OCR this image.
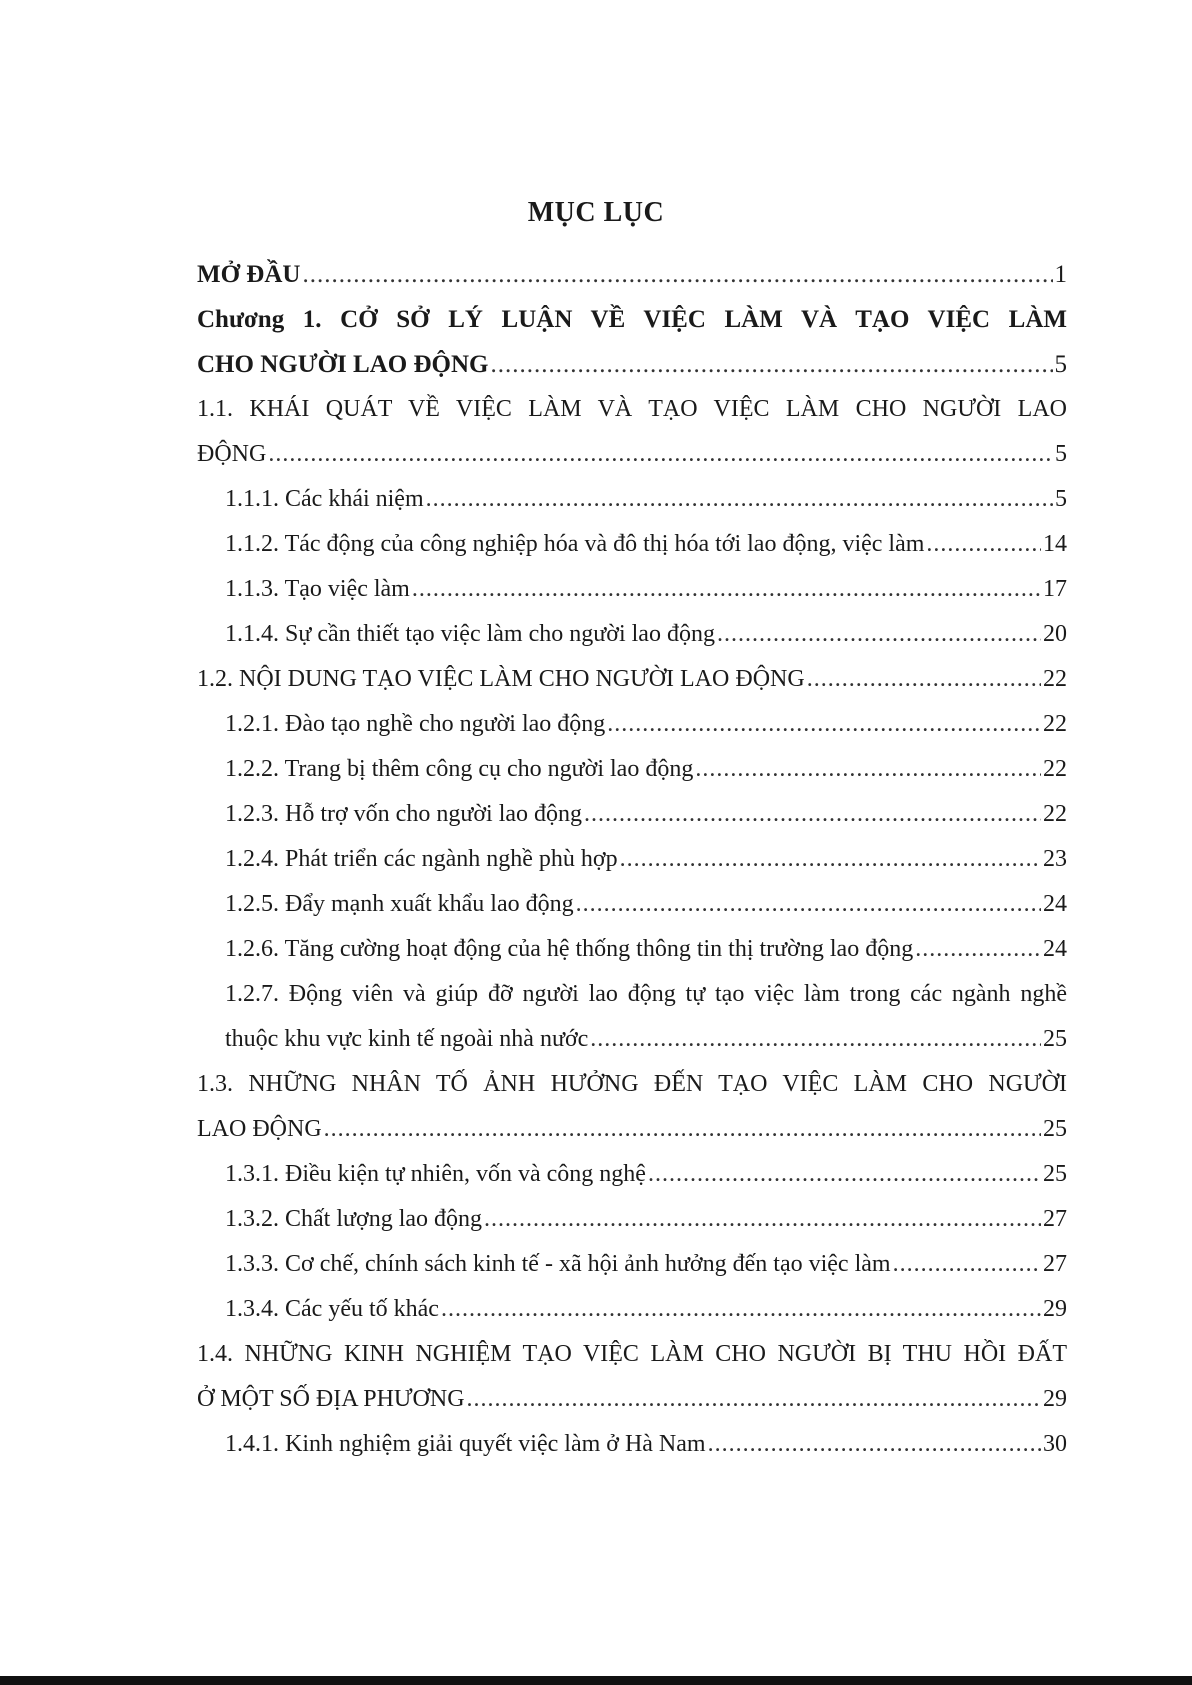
MỤC LỤC
MỞ ĐẦU .....	1
Chương 1. CỞ SỞ LÝ LUẬN VỀ VIỆC LÀM VÀ TẠO VIỆC LÀM
CHO NGƯỜI LAO ĐỘNG .....	5
1.1. KHÁI QUÁT VỀ VIỆC LÀM VÀ TẠO VIỆC LÀM CHO NGƯỜI LAO
ĐỘNG .....	5
1.1.1. Các khái niệm .....	5
1.1.2. Tác động của công nghiệp hóa và đô thị hóa tới lao động, việc làm .....	14
1.1.3. Tạo việc làm .....	17
1.1.4. Sự cần thiết tạo việc làm cho người lao động .....	20
1.2. NỘI DUNG TẠO VIỆC LÀM CHO NGƯỜI LAO ĐỘNG .....	22
1.2.1. Đào tạo nghề cho người lao động .....	22
1.2.2. Trang bị thêm công cụ cho người lao động .....	22
1.2.3. Hỗ trợ vốn cho người lao động .....	22
1.2.4. Phát triển các ngành nghề phù hợp .....	23
1.2.5. Đẩy mạnh xuất khẩu lao động .....	24
1.2.6. Tăng cường hoạt động của hệ thống thông tin thị trường lao động .....	24
1.2.7. Động viên và giúp đỡ người lao động tự tạo việc làm trong các ngành nghề
thuộc khu vực kinh tế ngoài nhà nước .....	25
1.3. NHỮNG NHÂN TỐ ẢNH HƯỞNG ĐẾN TẠO VIỆC LÀM CHO NGƯỜI
LAO ĐỘNG .....	25
1.3.1. Điều kiện tự nhiên, vốn và công nghệ .....	25
1.3.2. Chất lượng lao động .....	27
1.3.3. Cơ chế, chính sách kinh tế - xã hội ảnh hưởng đến tạo việc làm .....	27
1.3.4. Các yếu tố khác .....	29
1.4. NHỮNG KINH NGHIỆM TẠO VIỆC LÀM CHO NGƯỜI BỊ THU HỒI ĐẤT
Ở MỘT SỐ ĐỊA PHƯƠNG .....	29
1.4.1. Kinh nghiệm giải quyết việc làm ở Hà Nam .....	30
